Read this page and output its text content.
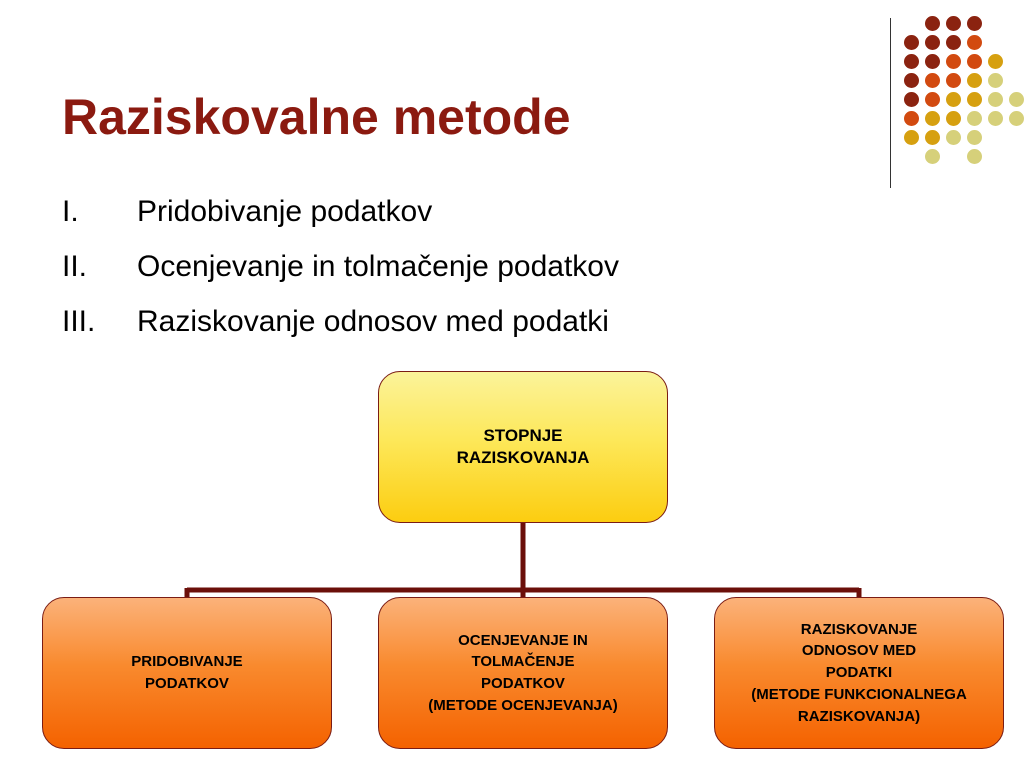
Raziskovalne metode
I. Pridobivanje podatkov
II. Ocenjevanje in tolmačenje podatkov
III. Raziskovanje odnosov med podatki
STOPNJE
RAZISKOVANJA
PRIDOBIVANJE
PODATKOV
OCENJEVANJE IN
TOLMAČENJE
PODATKOV
(METODE OCENJEVANJA)
RAZISKOVANJE
ODNOSOV MED
PODATKI
(METODE FUNKCIONALNEGA
RAZISKOVANJA)
